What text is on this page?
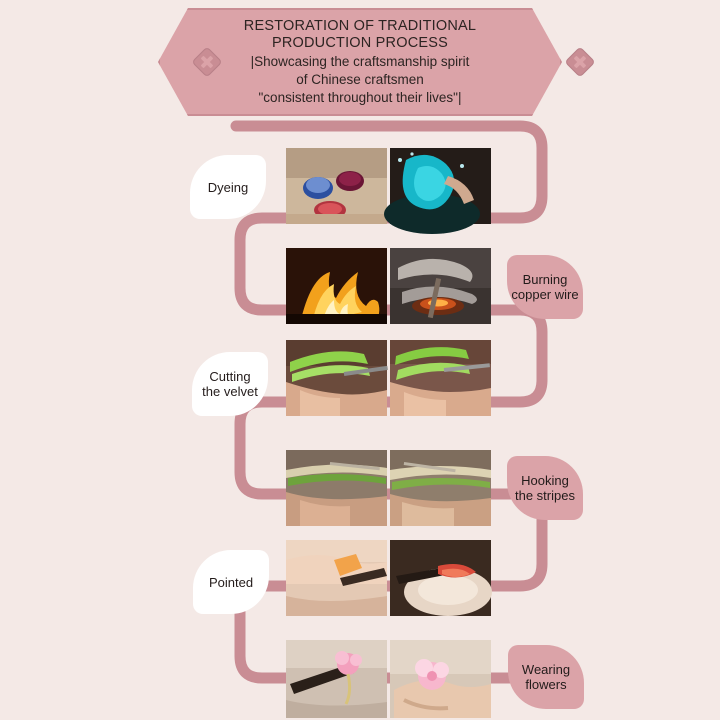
RESTORATION OF TRADITIONAL
PRODUCTION PROCESS
|Showcasing the craftsmanship spirit
of Chinese craftsmen
"consistent throughout their lives"|
Dyeing
Burning
copper wire
Cutting
the velvet
Hooking
the stripes
Pointed
Wearing
flowers
